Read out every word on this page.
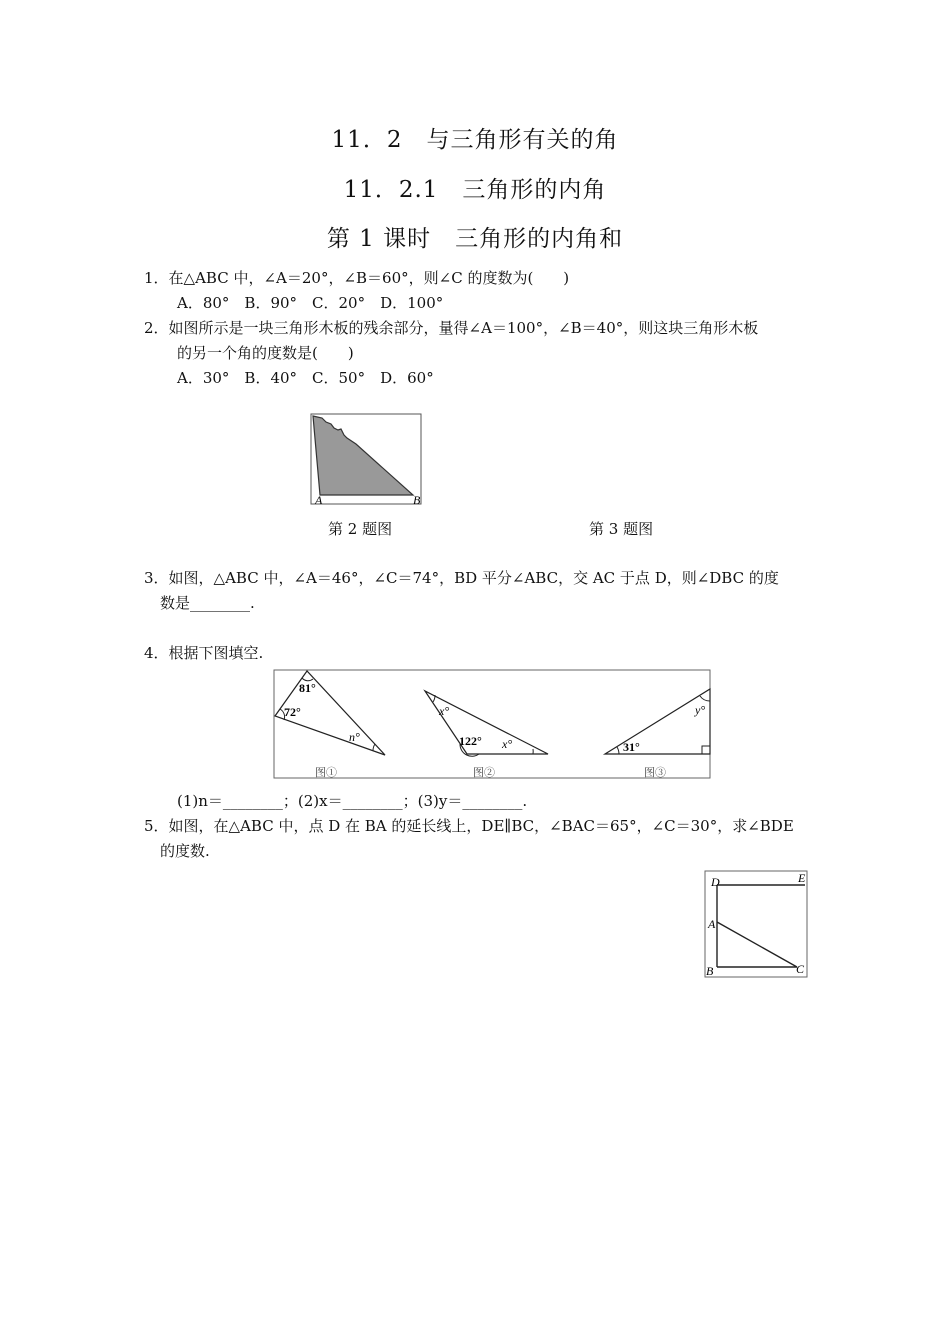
11．2　与三角形有关的角
11．2.1　三角形的内角
第 1 课时　三角形的内角和
1．在△ABC 中，∠A＝20°，∠B＝60°，则∠C 的度数为(　　)
A．80°　B．90°　C．20°　D．100°
2．如图所示是一块三角形木板的残余部分，量得∠A＝100°，∠B＝40°，则这块三角形木板
的另一个角的度数是(　　)
A．30°　B．40°　C．50°　D．60°
A	B
第 2 题图	第 3 题图
3．如图，△ABC 中，∠A＝46°，∠C＝74°，BD 平分∠ABC，交 AC 于点 D，则∠DBC 的度
数是________.
4．根据下图填空.
81°
72°
n°
图①
x°
122° x°
图②
31°
y°
图③
(1)n＝________；(2)x＝________；(3)y＝________.
5．如图，在△ABC 中，点 D 在 BA 的延长线上，DE∥BC，∠BAC＝65°，∠C＝30°，求∠BDE
的度数.
D	E
A
B	C
